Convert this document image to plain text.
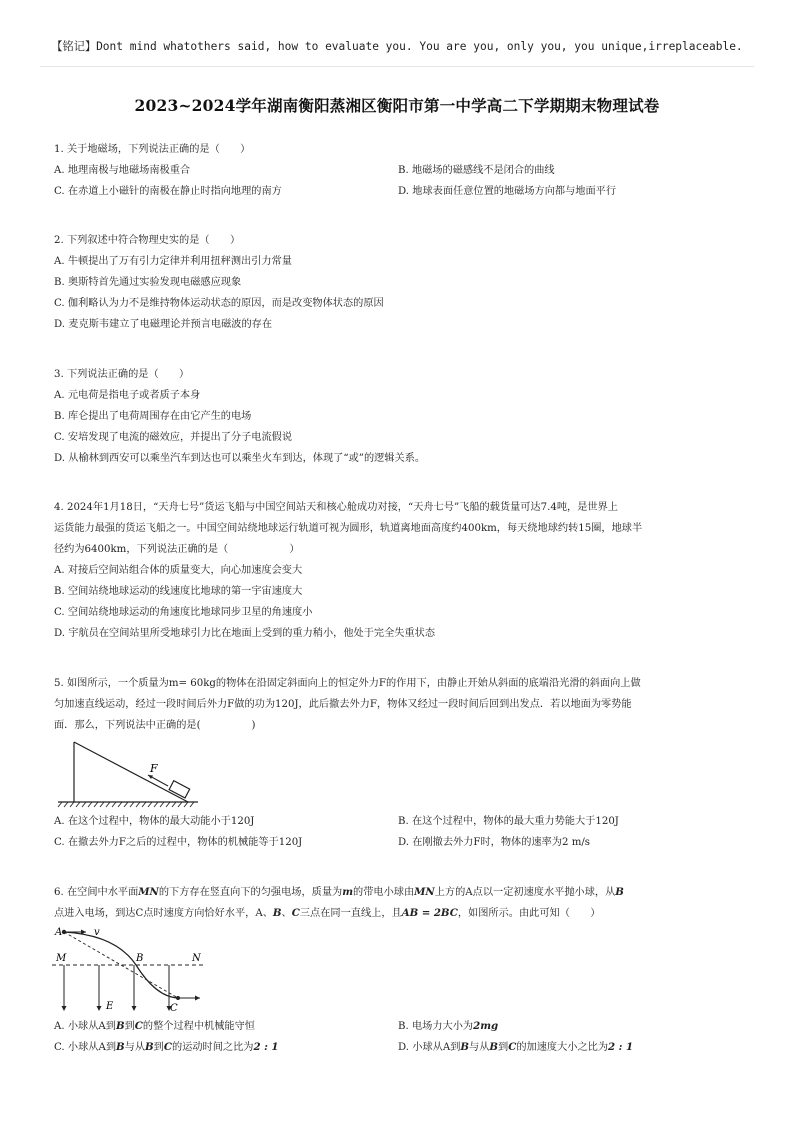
【铭记】Dont mind whatothers said, how to evaluate you. You are you, only you, you unique,irreplaceable.
2023~2024学年湖南衡阳蒸湘区衡阳市第一中学高二下学期期末物理试卷
1. 关于地磁场，下列说法正确的是（　　）
A. 地理南极与地磁场南极重合	B. 地磁场的磁感线不是闭合的曲线
C. 在赤道上小磁针的南极在静止时指向地理的南方	D. 地球表面任意位置的地磁场方向都与地面平行
2. 下列叙述中符合物理史实的是（　　）
A. 牛顿提出了万有引力定律并利用扭秤测出引力常量
B. 奥斯特首先通过实验发现电磁感应现象
C. 伽利略认为力不是维持物体运动状态的原因，而是改变物体状态的原因
D. 麦克斯韦建立了电磁理论并预言电磁波的存在
3. 下列说法正确的是（　　）
A. 元电荷是指电子或者质子本身
B. 库仑提出了电荷周围存在由它产生的电场
C. 安培发现了电流的磁效应，并提出了分子电流假说
D. 从榆林到西安可以乘坐汽车到达也可以乘坐火车到达，体现了“或”的逻辑关系。
4. 2024年1月18日，“天舟七号”货运飞船与中国空间站天和核心舱成功对接，“天舟七号”飞船的载货量可达7.4吨，是世界上
运货能力最强的货运飞船之一。中国空间站绕地球运行轨道可视为圆形，轨道离地面高度约400km，每天绕地球约转15圈，地球半
径约为6400km，下列说法正确的是（　　　　　　）
A. 对接后空间站组合体的质量变大，向心加速度会变大
B. 空间站绕地球运动的线速度比地球的第一宇宙速度大
C. 空间站绕地球运动的角速度比地球同步卫星的角速度小
D. 宇航员在空间站里所受地球引力比在地面上受到的重力稍小，他处于完全失重状态
5. 如图所示，一个质量为m= 60kg的物体在沿固定斜面向上的恒定外力F的作用下，由静止开始从斜面的底端沿光滑的斜面向上做
匀加速直线运动，经过一段时间后外力F做的功为120J，此后撤去外力F，物体又经过一段时间后回到出发点．若以地面为零势能
面．那么，下列说法中正确的是(　　　　　)
F
A. 在这个过程中，物体的最大动能小于120J	B. 在这个过程中，物体的最大重力势能大于120J
C. 在撤去外力F之后的过程中，物体的机械能等于120J	D. 在刚撤去外力F时，物体的速率为2 m/s
6. 在空间中水平面MN的下方存在竖直向下的匀强电场，质量为m的带电小球由MN上方的A点以一定初速度水平抛小球，从B
点进入电场，到达C点时速度方向恰好水平，A、B、C三点在同一直线上，且AB = 2BC，如图所示。由此可知（　　）
A	v
M	N
B
C
E
A. 小球从A到B到C的整个过程中机械能守恒	B. 电场力大小为2mg
C. 小球从A到B与从B到C的运动时间之比为2 : 1	D. 小球从A到B与从B到C的加速度大小之比为2 : 1
